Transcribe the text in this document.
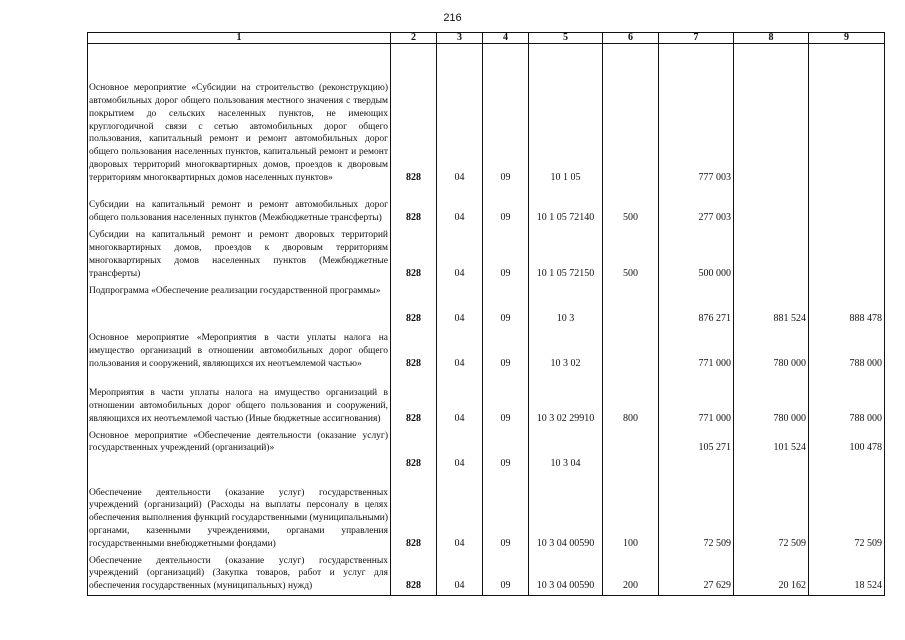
216
1	2	3	4	5	6	7	8	9
Основное мероприятие «Субсидии на строительство (реконструкцию) автомобильных дорог общего пользования местного значения с твердым покрытием до сельских населенных пунктов, не имеющих круглогодичной связи с сетью автомобильных дорог общего пользования, капитальный ремонт и ремонт автомобильных дорог общего пользования населенных пунктов, капитальный ремонт и ремонт дворовых территорий многоквартирных домов, проездов к дворовым территориям многоквартирных домов населенных пунктов»	828	04	09	10 1 05		777 003		
Субсидии на капитальный ремонт и ремонт автомобильных дорог общего пользования населенных пунктов (Межбюджетные трансферты)	828	04	09	10 1 05 72140	500	277 003		
Субсидии на капитальный ремонт и ремонт дворовых территорий многоквартирных домов, проездов к дворовым территориям многоквартирных домов населенных пунктов (Межбюджетные трансферты)	828	04	09	10 1 05 72150	500	500 000		
Подпрограмма «Обеспечение реализации государственной программы»	828	04	09	10 3		876 271	881 524	888 478
Основное мероприятие «Мероприятия в части уплаты налога на имущество организаций в отношении автомобильных дорог общего пользования и сооружений, являющихся их неотъемлемой частью»	828	04	09	10 3 02		771 000	780 000	788 000
Мероприятия в части уплаты налога на имущество организаций в отношении автомобильных дорог общего пользования и сооружений, являющихся их неотъемлемой частью (Иные бюджетные ассигнования)	828	04	09	10 3 02 29910	800	771 000	780 000	788 000
Основное мероприятие «Обеспечение деятельности (оказание услуг) государственных учреждений (организаций)»	828	04	09	10 3 04		105 271	101 524	100 478
Обеспечение деятельности (оказание услуг) государственных учреждений (организаций) (Расходы на выплаты персоналу в целях обеспечения выполнения функций государственными (муниципальными) органами, казенными учреждениями, органами управления государственными внебюджетными фондами)	828	04	09	10 3 04 00590	100	72 509	72 509	72 509
Обеспечение деятельности (оказание услуг) государственных учреждений (организаций) (Закупка товаров, работ и услуг для обеспечения государственных (муниципальных) нужд)	828	04	09	10 3 04 00590	200	27 629	20 162	18 524
